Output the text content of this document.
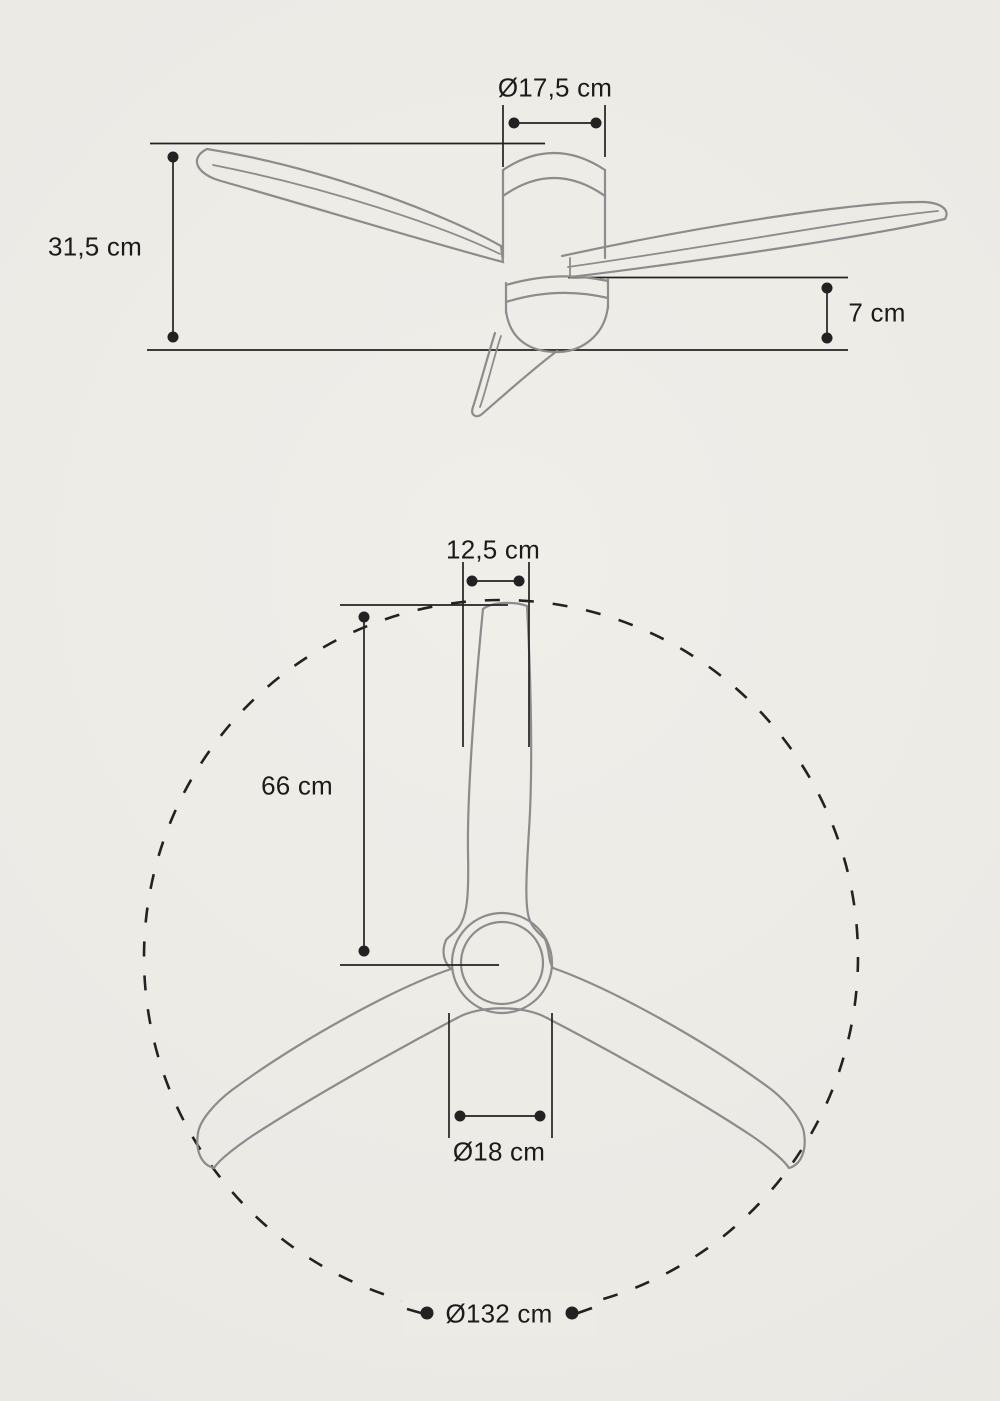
Ø17,5 cm
31,5 cm
7 cm
12,5 cm
66 cm
Ø18 cm
Ø132 cm
